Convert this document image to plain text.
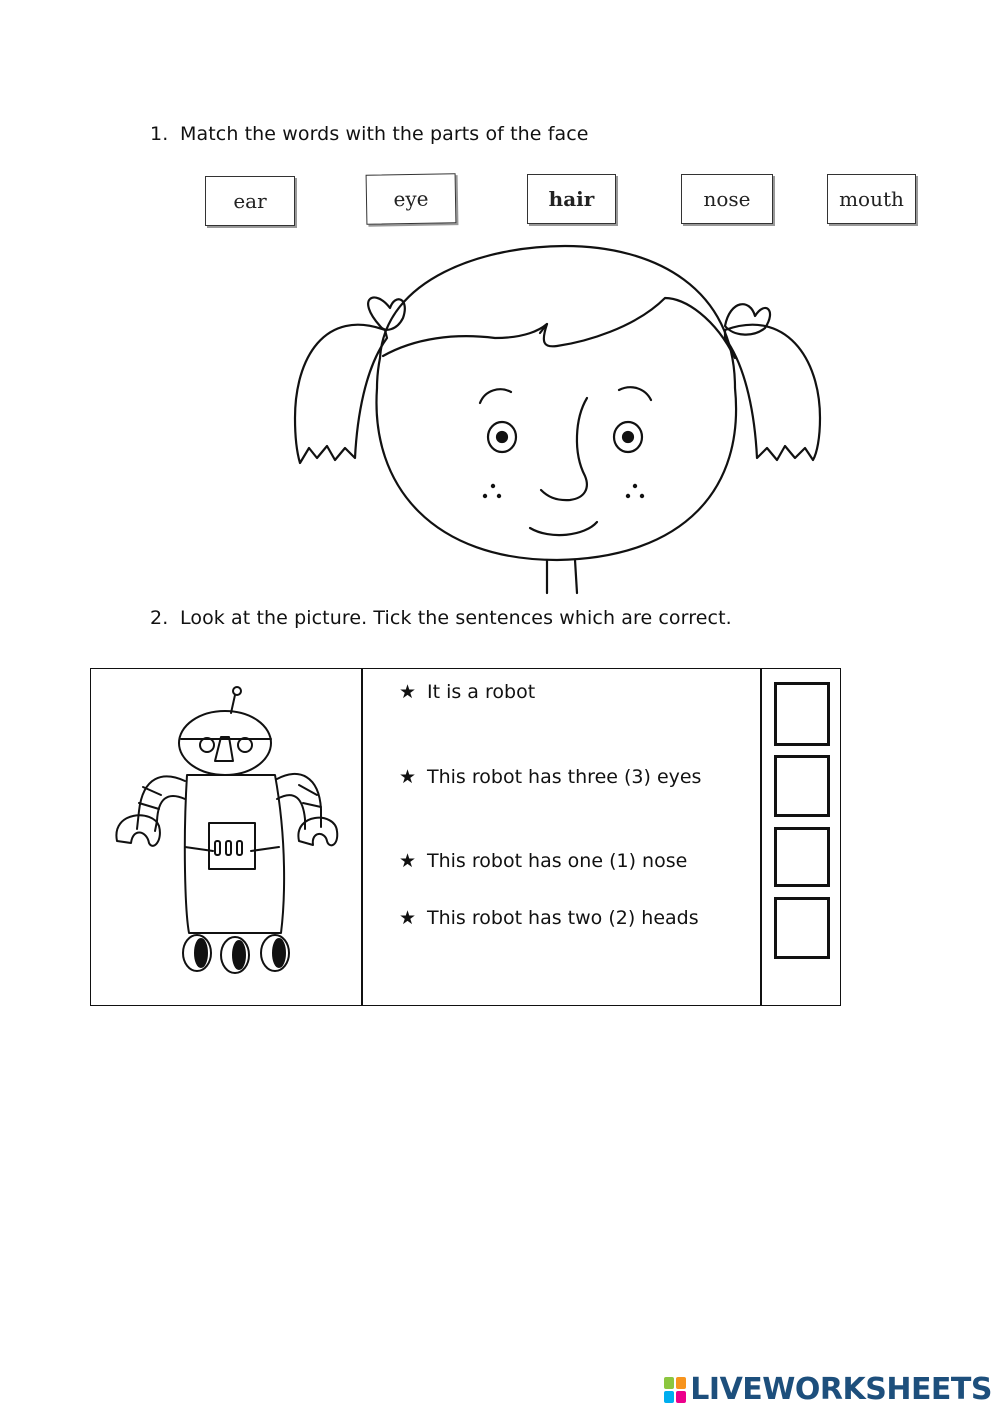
1. Match the words with the parts of the face
ear	eye	hair	nose	mouth
2. Look at the picture. Tick the sentences which are correct.
★ It is a robot
★ This robot has three (3) eyes
★ This robot has one (1) nose
★ This robot has two (2) heads
LIVEWORKSHEETS
